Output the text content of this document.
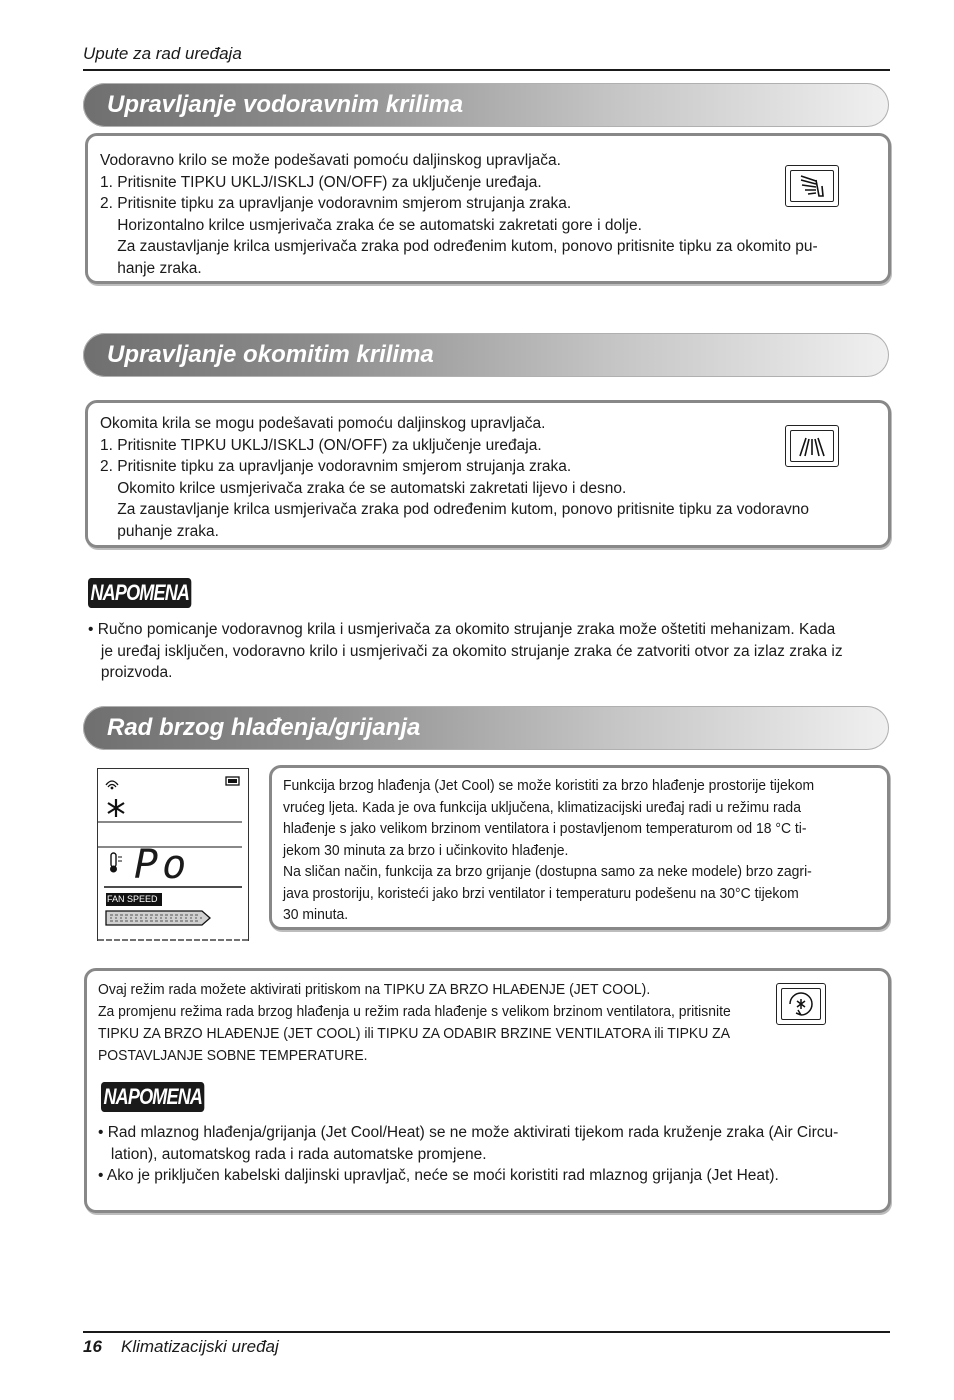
Upute za rad uređaja
Upravljanje vodoravnim krilima
Vodoravno krilo se može podešavati pomoću daljinskog upravljača.
1. Pritisnite TIPKU UKLJ/ISKLJ (ON/OFF) za uključenje uređaja.
2. Pritisnite tipku za upravljanje vodoravnim smjerom strujanja zraka.
Horizontalno krilce usmjerivača zraka će se automatski zakretati gore i dolje.
Za zaustavljanje krilca usmjerivača zraka pod određenim kutom, ponovo pritisnite tipku za okomito pu-
hanje zraka.
Upravljanje okomitim krilima
Okomita krila se mogu podešavati pomoću daljinskog upravljača.
1. Pritisnite TIPKU UKLJ/ISKLJ (ON/OFF) za uključenje uređaja.
2. Pritisnite tipku za upravljanje vodoravnim smjerom strujanja zraka.
Okomito krilce usmjerivača zraka će se automatski zakretati lijevo i desno.
Za zaustavljanje krilca usmjerivača zraka pod određenim kutom, ponovo pritisnite tipku za vodoravno
puhanje zraka.
NAPOMENA
• Ručno pomicanje vodoravnog krila i usmjerivača za okomito strujanje zraka može oštetiti mehanizam. Kada
je uređaj isključen, vodoravno krilo i usmjerivači za okomito strujanje zraka će zatvoriti otvor za izlaz zraka iz
proizvoda.
Rad brzog hlađenja/grijanja
Po
FAN SPEED
Funkcija brzog hlađenja (Jet Cool) se može koristiti za brzo hlađenje prostorije tijekom
vrućeg ljeta. Kada je ova funkcija uključena, klimatizacijski uređaj radi u režimu rada
hlađenje s jako velikom brzinom ventilatora i postavljenom temperaturom od 18 °C ti-
jekom 30 minuta za brzo i učinkovito hlađenje.
Na sličan način, funkcija za brzo grijanje (dostupna samo za neke modele) brzo zagri-
java prostoriju, koristeći jako brzi ventilator i temperaturu podešenu na 30°C tijekom
30 minuta.
Ovaj režim rada možete aktivirati pritiskom na TIPKU ZA BRZO HLAĐENJE (JET COOL).
Za promjenu režima rada brzog hlađenja u režim rada hlađenje s velikom brzinom ventilatora, pritisnite
TIPKU ZA BRZO HLAĐENJE (JET COOL) ili TIPKU ZA ODABIR BRZINE VENTILATORA ili TIPKU ZA
POSTAVLJANJE SOBNE TEMPERATURE.
NAPOMENA
• Rad mlaznog hlađenja/grijanja (Jet Cool/Heat) se ne može aktivirati tijekom rada kruženje zraka (Air Circu-
lation), automatskog rada i rada automatske promjene.
• Ako je priključen kabelski daljinski upravljač, neće se moći koristiti rad mlaznog grijanja (Jet Heat).
16 Klimatizacijski uređaj
